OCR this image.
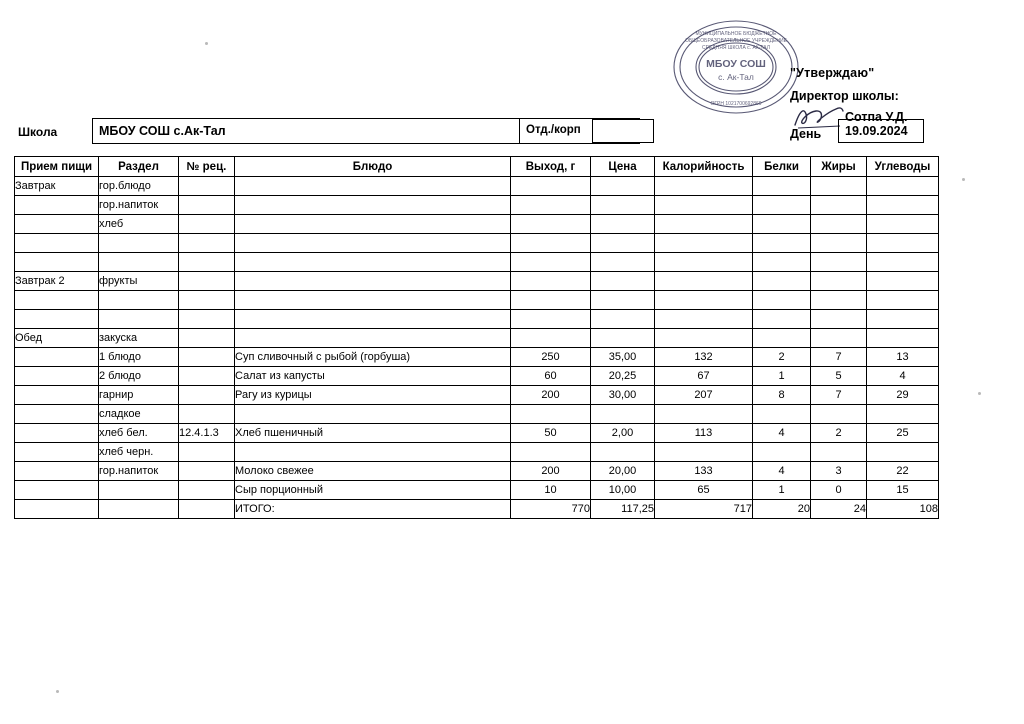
МУНИЦИПАЛЬНОЕ БЮДЖЕТНОЕ
ОБЩЕОБРАЗОВАТЕЛЬНОЕ УЧРЕЖДЕНИЕ
СРЕДНЯЯ ШКОЛА с. АК-ТАЛ
ОГРН 1021700692869
МБОУ СОШ
с. Ак-Тал
Школа	МБОУ СОШ с.Ак-Тал	Отд./корп
"Утверждаю"
Директор школы:
Сотпа У.Д.
День 19.09.2024
Прием пищи	Раздел	№ рец.	Блюдо	Выход, г	Цена	Калорийность	Белки	Жиры	Углеводы
Завтрак	гор.блюдо								
	гор.напиток								
	хлеб								

Завтрак 2	фрукты								

Обед	закуска								
	1 блюдо		Суп сливочный с рыбой (горбуша)	250	35,00	132	2	7	13
	2 блюдо		Салат из капусты	60	20,25	67	1	5	4
	гарнир		Рагу из курицы	200	30,00	207	8	7	29
	сладкое								
	хлеб бел.	12.4.1.3	Хлеб пшеничный	50	2,00	113	4	2	25
	хлеб черн.								
	гор.напиток		Молоко свежее	200	20,00	133	4	3	22
			Сыр порционный	10	10,00	65	1	0	15
			ИТОГО:	770	117,25	717	20	24	108
